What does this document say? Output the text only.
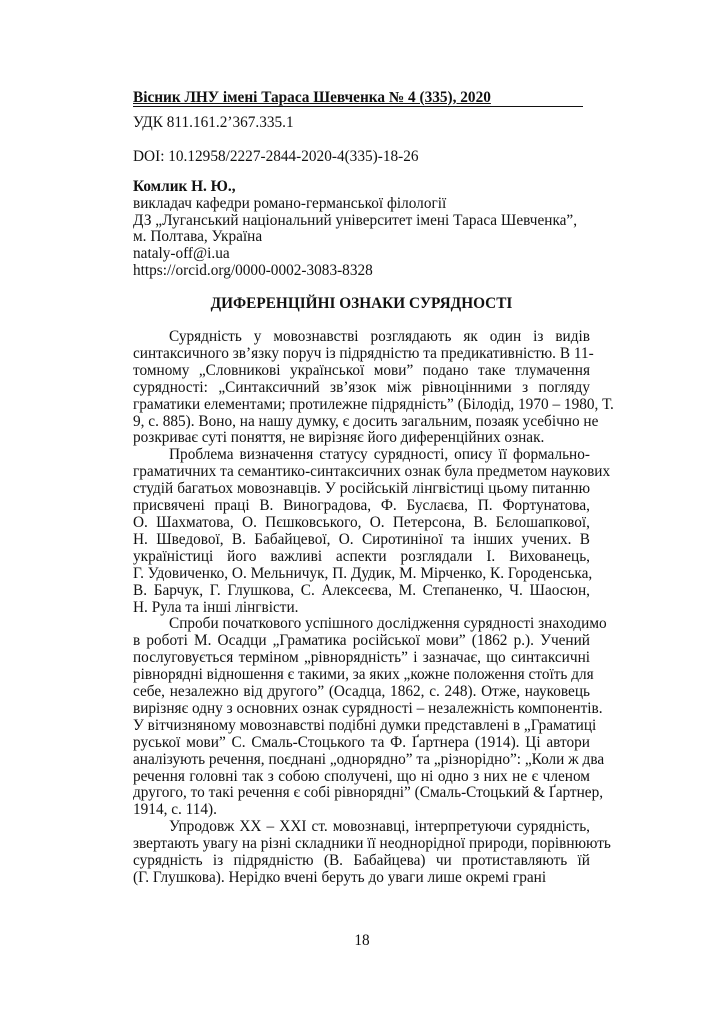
Вісник ЛНУ імені Тараса Шевченка № 4 (335), 2020
УДК 811.161.2’367.335.1
DOI: 10.12958/2227-2844-2020-4(335)-18-26
Комлик Н. Ю.,
викладач кафедри романо-германської філології
ДЗ „Луганський національний університет імені Тараса Шевченка”,
м. Полтава, Україна
nataly-off@i.ua
https://orcid.org/0000-0002-3083-8328
ДИФЕРЕНЦІЙНІ ОЗНАКИ СУРЯДНОСТІ
Сурядність у мовознавстві розглядають як один із видів
синтаксичного зв’язку поруч із підрядністю та предикативністю. В 11-
томному „Словникові української мови” подано таке тлумачення
сурядності: „Синтаксичний зв’язок між рівноцінними з погляду
граматики елементами; протилежне підрядність” (Білодід, 1970 – 1980, Т.
9, с. 885). Воно, на нашу думку, є досить загальним, позаяк усебічно не
розкриває суті поняття, не вирізняє його диференційних ознак.
Проблема визначення статусу сурядності, опису її формально-
граматичних та семантико-синтаксичних ознак була предметом наукових
студій багатьох мовознавців. У російській лінгвістиці цьому питанню
присвячені праці В. Виноградова, Ф. Буслаєва, П. Фортунатова,
О. Шахматова, О. Пєшковського, О. Петерсона, В. Бєлошапкової,
Н. Шведової, В. Бабайцевої, О. Сиротиніної та інших учених. В
україністиці його важливі аспекти розглядали І. Вихованець,
Г. Удовиченко, О. Мельничук, П. Дудик, М. Мірченко, К. Городенська,
В. Барчук, Г. Глушкова, С. Алексеєва, М. Степаненко, Ч. Шаосюн,
Н. Рула та інші лінгвісти.
Спроби початкового успішного дослідження сурядності знаходимо
в роботі М. Осадци „Граматика російської мови” (1862 р.). Учений
послуговується терміном „рівнорядність” і зазначає, що синтаксичні
рівнорядні відношення є такими, за яких „кожне положення стоїть для
себе, незалежно від другого” (Осадца, 1862, с. 248). Отже, науковець
вирізняє одну з основних ознак сурядності – незалежність компонентів.
У вітчизняному мовознавстві подібні думки представлені в „Граматиці
руської мови” С. Смаль-Стоцького та Ф. Ґартнера (1914). Ці автори
аналізують речення, поєднані „однорядно” та „різнорідно”: „Коли ж два
речення головні так з собою сполучені, що ні одно з них не є членом
другого, то такі речення є собі рівнорядні” (Смаль-Стоцький & Ґартнер,
1914, с. 114).
Упродовж XX – XXI ст. мовознавці, інтерпретуючи сурядність,
звертають увагу на різні складники її неоднорідної природи, порівнюють
сурядність із підрядністю (В. Бабайцева) чи протиставляють їй
(Г. Глушкова). Нерідко вчені беруть до уваги лише окремі грані
18
